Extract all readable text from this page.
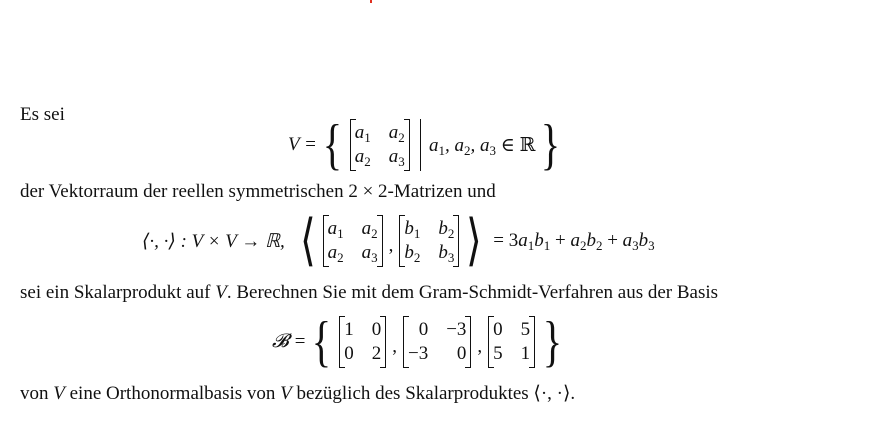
Es sei
V = { $a_1$ $a_2$
$a_2$ $a_3$
$a_1$, $a_2$, $a_3$ ∈ ℝ }
der Vektorraum der reellen symmetrischen 2 × 2-Matrizen und
⟨·, ·⟩ : V × V → ℝ, ⟨ $a_1$ $a_2$
$a_2$ $a_3$
,
$b_1$ $b_2$
$b_2$ $b_3$ ⟩ = $3a_1b_1 + a_2b_2 + a_3b_3$
sei ein Skalarprodukt auf V. Berechnen Sie mit dem Gram-Schmidt-Verfahren aus der Basis
𝓑 = { 1 0
0 2 ,
0 −3
−3	0 ,
0 5
5 1 }
von V eine Orthonormalbasis von V bezüglich des Skalarproduktes ⟨·, ·⟩.
